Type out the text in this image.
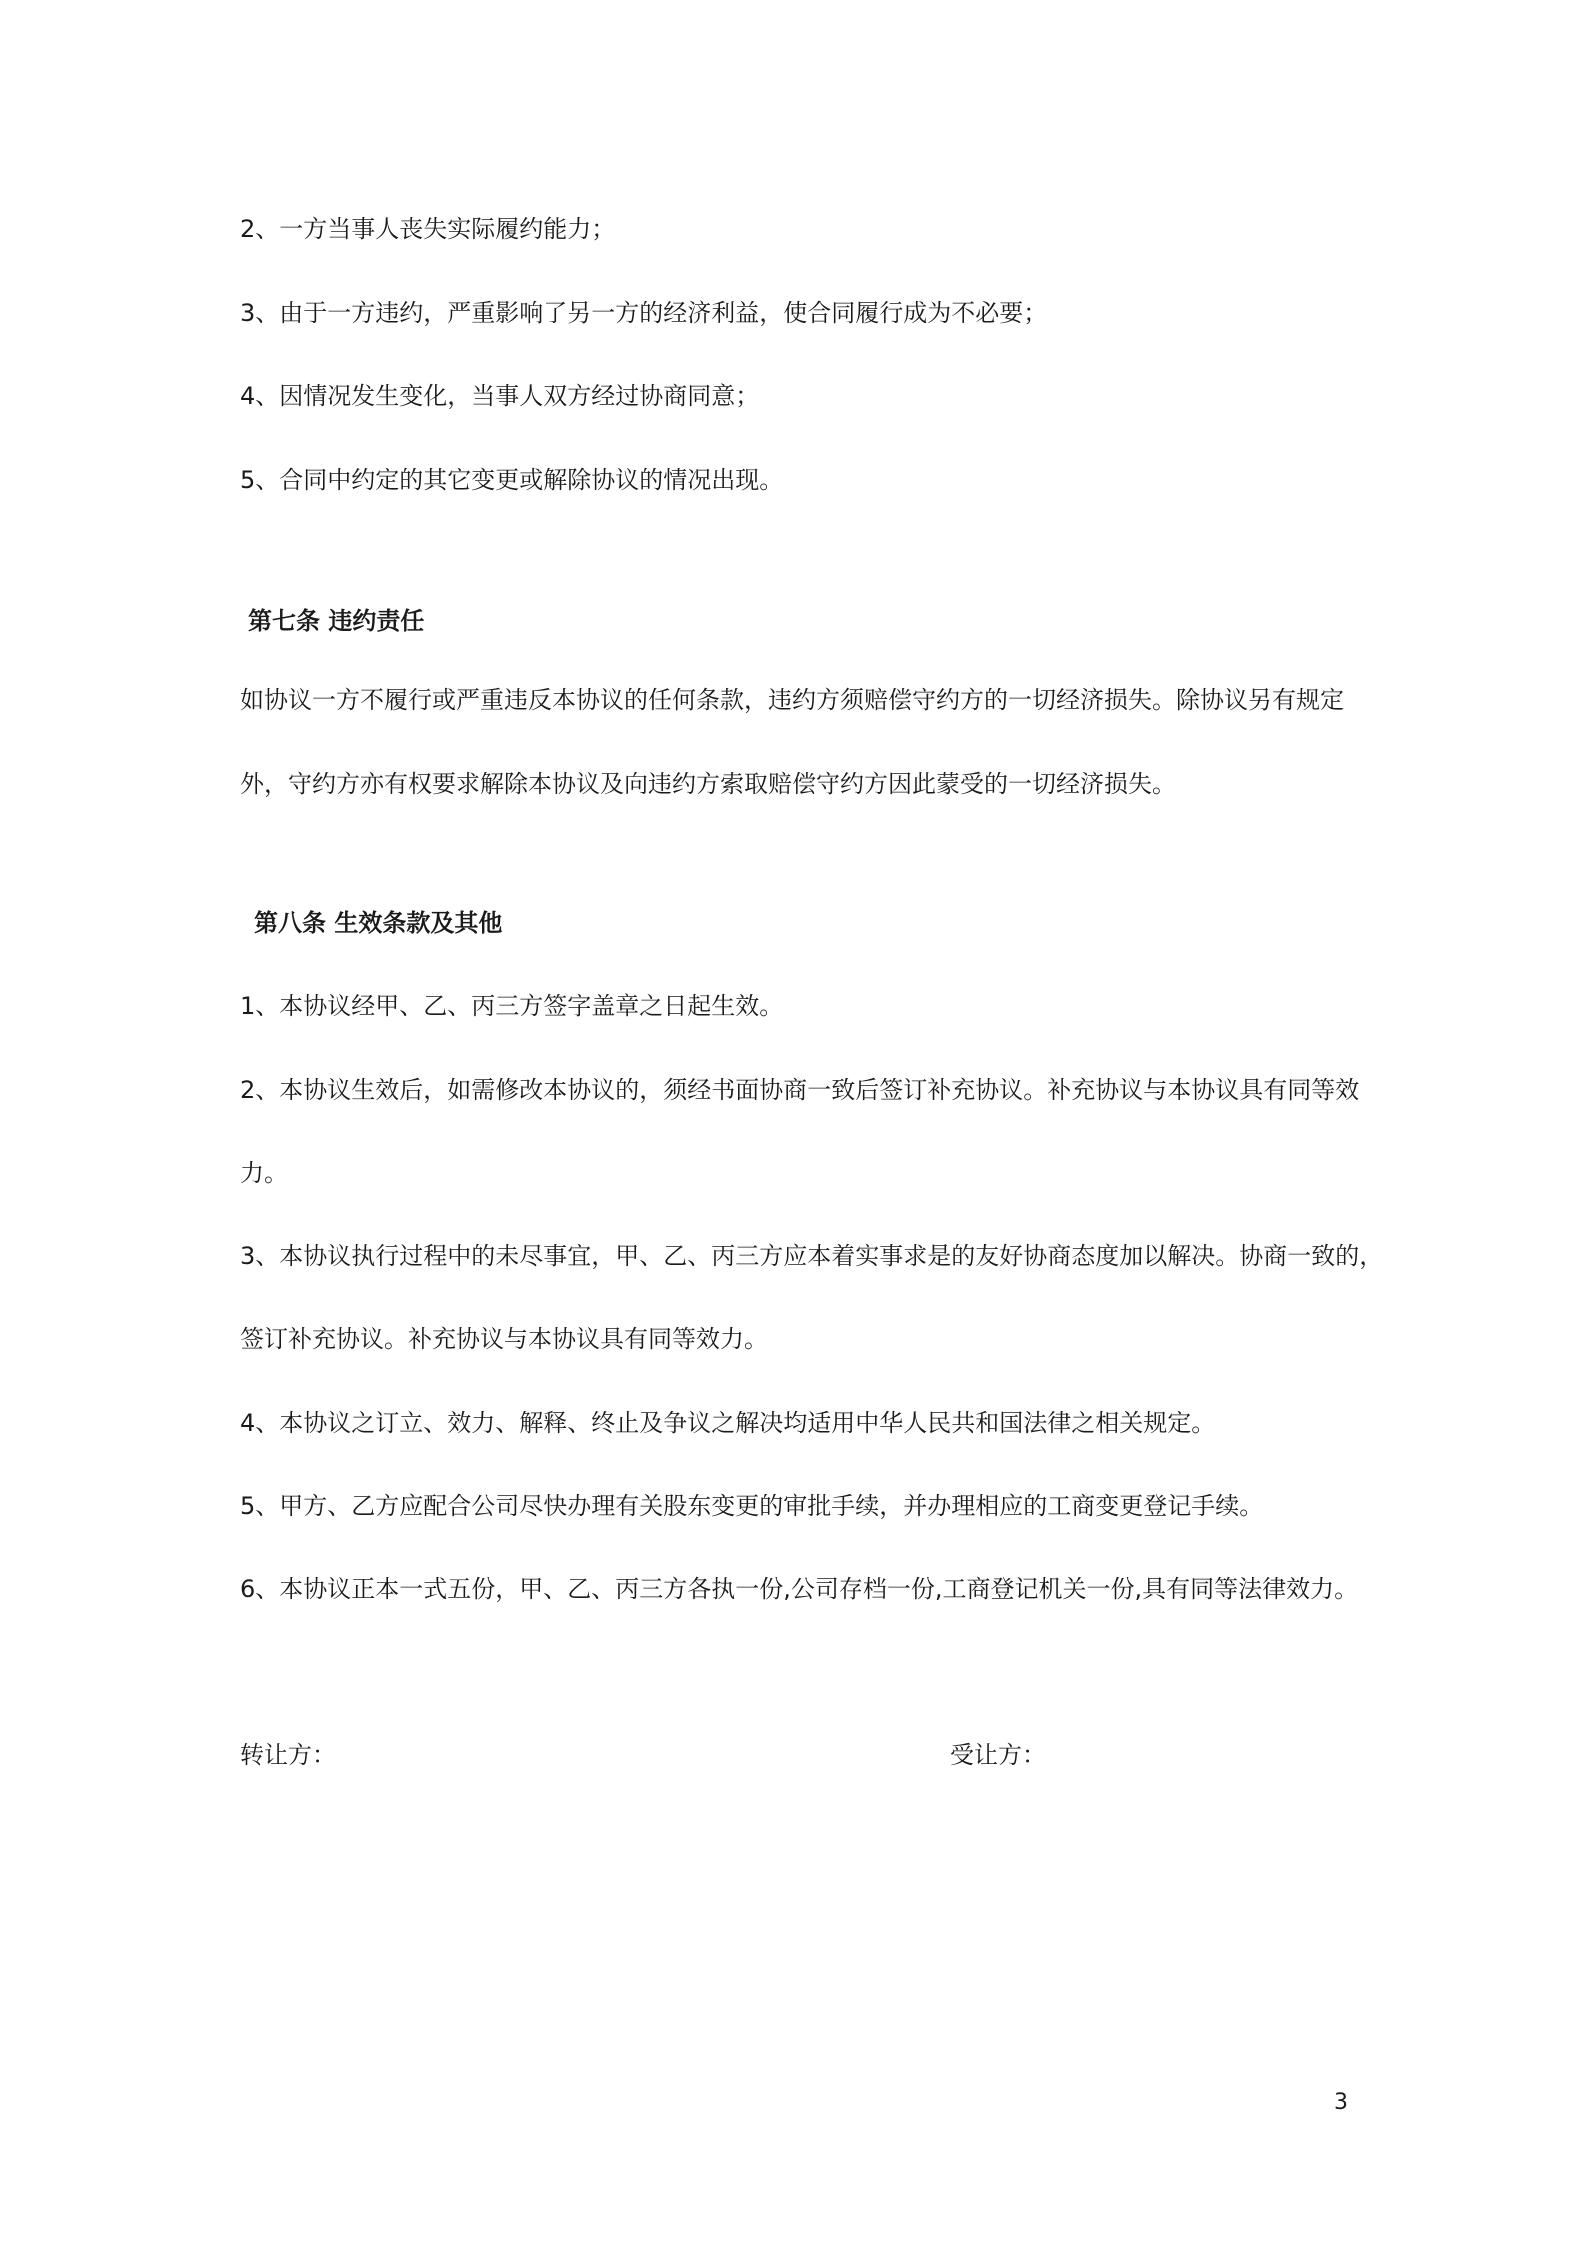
2、一方当事人丧失实际履约能力；
3、由于一方违约，严重影响了另一方的经济利益，使合同履行成为不必要；
4、因情况发生变化，当事人双方经过协商同意；
5、合同中约定的其它变更或解除协议的情况出现。
第七条 违约责任
如协议一方不履行或严重违反本协议的任何条款，违约方须赔偿守约方的一切经济损失。除协议另有规定
外，守约方亦有权要求解除本协议及向违约方索取赔偿守约方因此蒙受的一切经济损失。
第八条 生效条款及其他
1、本协议经甲、乙、丙三方签字盖章之日起生效。
2、本协议生效后，如需修改本协议的，须经书面协商一致后签订补充协议。补充协议与本协议具有同等效
力。
3、本协议执行过程中的未尽事宜，甲、乙、丙三方应本着实事求是的友好协商态度加以解决。协商一致的，
签订补充协议。补充协议与本协议具有同等效力。
4、本协议之订立、效力、解释、终止及争议之解决均适用中华人民共和国法律之相关规定。
5、甲方、乙方应配合公司尽快办理有关股东变更的审批手续，并办理相应的工商变更登记手续。
6、本协议正本一式五份，甲、乙、丙三方各执一份,公司存档一份,工商登记机关一份,具有同等法律效力。
转让方：	受让方：
3
